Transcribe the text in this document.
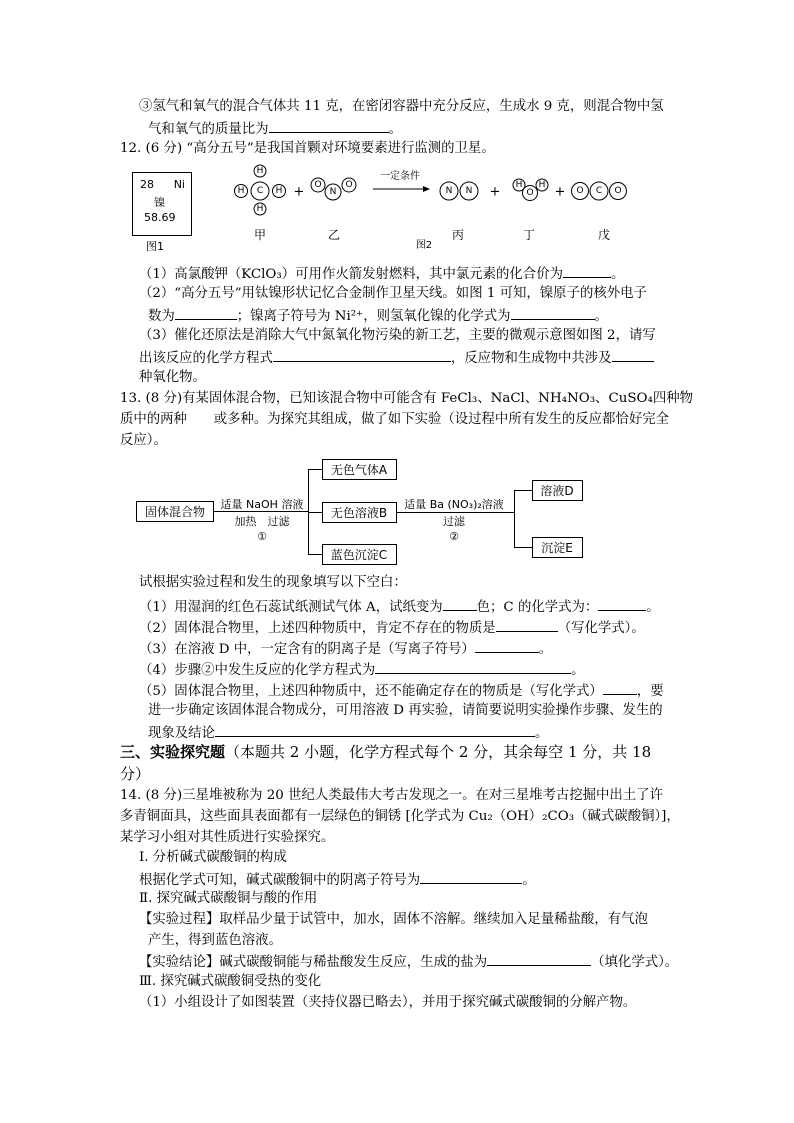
③氢气和氧气的混合气体共 11 克，在密闭容器中充分反应，生成水 9 克，则混合物中氢
气和氧气的质量比为	。
12. (6 分) “高分五号”是我国首颗对环境要素进行监测的卫星。
28 Ni
镍
58.69
图1
H
C
H	H
H
O
N
O
N N
H
O
H
O C O
+	+	+
一定条件
甲	乙	丙	丁	戊
图2
（1）高氯酸钾（KClO₃）可用作火箭发射燃料，其中氯元素的化合价为	。
（2）“高分五号”用钛镍形状记忆合金制作卫星天线。如图 1 可知，镍原子的核外电子
数为	；镍离子符号为 Ni²⁺，则氢氧化镍的化学式为	。
（3）催化还原法是消除大气中氮氧化物污染的新工艺，主要的微观示意图如图 2，请写
出该反应的化学方程式	，反应物和生成物中共涉及
种氧化物。
13. (8 分)有某固体混合物，已知该混合物中可能含有 FeCl₃、NaCl、NH₄NO₃、CuSO₄四种物
质中的两种　　或多种。为探究其组成，做了如下实验（设过程中所有发生的反应都恰好完全
反应）。
固体混合物
无色气体A
无色溶液B
蓝色沉淀C
溶液D
沉淀E
适量 NaOH 溶液
加热　过滤
①
适量 Ba (NO₃)₂溶液
过滤
②
试根据实验过程和发生的现象填写以下空白：
（1）用湿润的红色石蕊试纸测试气体 A，试纸变为	色；C 的化学式为：	。
（2）固体混合物里，上述四种物质中，肯定不存在的物质是	（写化学式）。
（3）在溶液 D 中，一定含有的阴离子是（写离子符号）	。
（4）步骤②中发生反应的化学方程式为	。
（5）固体混合物里，上述四种物质中，还不能确定存在的物质是（写化学式）	，要
进一步确定该固体混合物成分，可用溶液 D 再实验，请简要说明实验操作步骤、发生的
现象及结论	。
三、实验探究题（本题共 2 小题，化学方程式每个 2 分，其余每空 1 分，共 18
分）
14. (8 分)三星堆被称为 20 世纪人类最伟大考古发现之一。在对三星堆考古挖掘中出土了许
多青铜面具，这些面具表面都有一层绿色的铜锈 [化学式为 Cu₂（OH）₂CO₃（碱式碳酸铜）]，
某学习小组对其性质进行实验探究。
Ⅰ. 分析碱式碳酸铜的构成
根据化学式可知，碱式碳酸铜中的阴离子符号为	。
Ⅱ. 探究碱式碳酸铜与酸的作用
【实验过程】取样品少量于试管中，加水，固体不溶解。继续加入足量稀盐酸，有气泡
产生，得到蓝色溶液。
【实验结论】碱式碳酸铜能与稀盐酸发生反应，生成的盐为	（填化学式）。
Ⅲ. 探究碱式碳酸铜受热的变化
（1）小组设计了如图装置（夹持仪器已略去），并用于探究碱式碳酸铜的分解产物。
